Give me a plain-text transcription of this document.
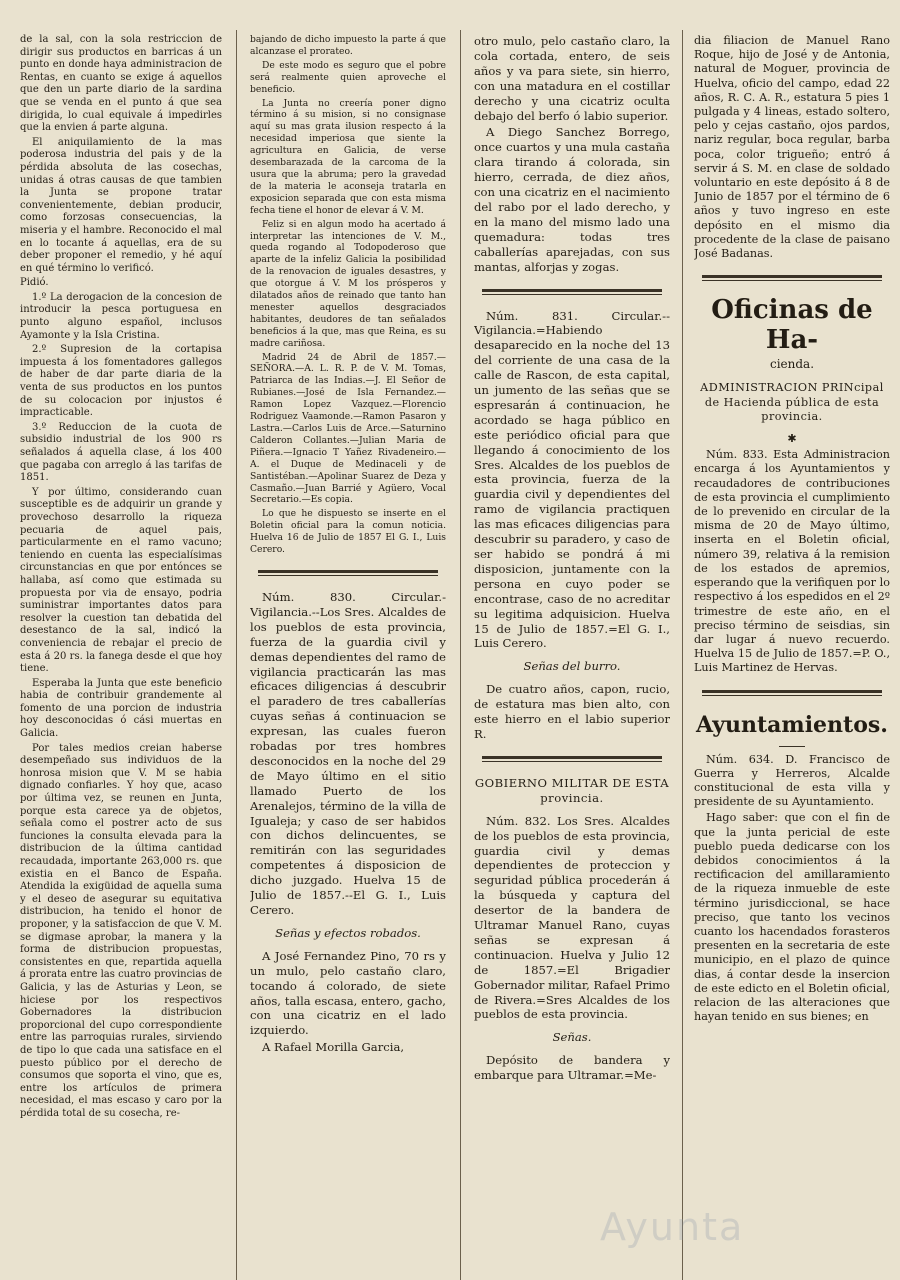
de la sal, con la sola restriccion de dirigir sus productos en barricas á un punto en donde haya administracion de Rentas, en cuanto se exige á aquellos que den un parte diario de la sardina que se venda en el punto á que sea dirigida, lo cual equivale á impedirles que la envien á parte alguna.

El aniquilamiento de la mas poderosa industria del pais y de la pérdida absoluta de las cosechas, unidas á otras causas de que tambien la Junta se propone tratar convenientemente, debian producir, como forzosas consecuencias, la miseria y el hambre. Reconocido el mal en lo tocante á aquellas, era de su deber proponer el remedio, y hé aquí en qué término lo verificó.

Pidió.

1.º La derogacion de la concesion de introducir la pesca portuguesa en punto alguno español, inclusos Ayamonte y la Isla Cristina.

2.º Supresion de la cortapisa impuesta á los fomentadores gallegos de haber de dar parte diaria de la venta de sus productos en los puntos de su colocacion por injustos é impracticable.

3.º Reduccion de la cuota de subsidio industrial de los 900 rs señalados á aquella clase, á los 400 que pagaba con arreglo á las tarifas de 1851.

Y por último, considerando cuan susceptible es de adquirir un grande y provechoso desarrollo la riqueza pecuaria de aquel pais, particularmente en el ramo vacuno; teniendo en cuenta las especialísimas circunstancias en que por entónces se hallaba, así como que estimada su propuesta por via de ensayo, podria suministrar importantes datos para resolver la cuestion tan debatida del desestanco de la sal, indicó la conveniencia de rebajar el precio de esta á 20 rs. la fanega desde el que hoy tiene.

Esperaba la Junta que este beneficio habia de contribuir grandemente al fomento de una porcion de industria hoy desconocidas ó cási muertas en Galicia.

Por tales medios creian haberse desempeñado sus individuos de la honrosa mision que V. M se habia dignado confiarles. Y hoy que, acaso por última vez, se reunen en Junta, porque esta carece ya de objetos, señala como el postrer acto de sus funciones la consulta elevada para la distribucion de la última cantidad recaudada, importante 263,000 rs. que existia en el Banco de España. Atendida la exigüidad de aquella suma y el deseo de asegurar su equitativa distribucion, ha tenido el honor de proponer, y la satisfaccion de que V. M. se digmase aprobar, la manera y la forma de distribucion propuestas, consistentes en que, repartida aquella á prorata entre las cuatro provincias de Galicia, y las de Asturias y Leon, se hiciese por los respectivos Gobernadores la distribucion proporcional del cupo correspondiente entre las parroquias rurales, sirviendo de tipo lo que cada una satisface en el puesto público por el derecho de consumos que soporta el vino, que es, entre los artículos de primera necesidad, el mas escaso y caro por la pérdida total de su cosecha, re-

bajando de dicho impuesto la parte á que alcanzase el prorateo.

De este modo es seguro que el pobre será realmente quien aproveche el beneficio.

La Junta no creería poner digno término á su mision, si no consignase aquí su mas grata ilusion respecto á la necesidad imperiosa que siente la agricultura en Galicia, de verse desembarazada de la carcoma de la usura que la abruma; pero la gravedad de la materia le aconseja tratarla en exposicion separada que con esta misma fecha tiene el honor de elevar á V. M.

Feliz si en algun modo ha acertado á interpretar las intenciones de V. M., queda rogando al Todopoderoso que aparte de la infeliz Galicia la posibilidad de la renovacion de iguales desastres, y que otorgue á V. M los prósperos y dilatados años de reinado que tanto han menester aquellos desgraciados habitantes, deudores de tan señalados beneficios á la que, mas que Reina, es su madre cariñosa.

Madrid 24 de Abril de 1857.—SEÑORA.—A. L. R. P. de V. M. Tomas, Patriarca de las Indias.—J. El Señor de Rubianes.—José de Isla Fernandez.—Ramon Lopez Vazquez.—Florencio Rodriguez Vaamonde.—Ramon Pasaron y Lastra.—Carlos Luis de Arce.—Saturnino Calderon Collantes.—Julian Maria de Piñera.—Ignacio T Yañez Rivadeneiro.—A. el Duque de Medinaceli y de Santistéban.—Apolinar Suarez de Deza y Casmaño.—Juan Barrié y Agüero, Vocal Secretario.—Es copia.

Lo que he dispuesto se inserte en el Boletin oficial para la comun noticia. Huelva 16 de Julio de 1857 El G. I., Luis Cerero.

Núm. 830. Circular.-Vigilancia.--Los Sres. Alcaldes de los pueblos de esta provincia, fuerza de la guardia civil y demas dependientes del ramo de vigilancia practicarán las mas eficaces diligencias á descubrir el paradero de tres caballerías cuyas señas á continuacion se expresan, las cuales fueron robadas por tres hombres desconocidos en la noche del 29 de Mayo último en el sitio llamado Puerto de los Arenalejos, término de la villa de Igualeja; y caso de ser habidos con dichos delincuentes, se remitirán con las seguridades competentes á disposicion de dicho juzgado. Huelva 15 de Julio de 1857.--El G. I., Luis Cerero.

Señas y efectos robados.

A José Fernandez Pino, 70 rs y un mulo, pelo castaño claro, tocando á colorado, de siete años, talla escasa, entero, gacho, con una cicatriz en el lado izquierdo.

A Rafael Morilla Garcia,

otro mulo, pelo castaño claro, la cola cortada, entero, de seis años y va para siete, sin hierro, con una matadura en el costillar derecho y una cicatriz oculta debajo del berfo ó labio superior.

A Diego Sanchez Borrego, once cuartos y una mula castaña clara tirando á colorada, sin hierro, cerrada, de diez años, con una cicatriz en el nacimiento del rabo por el lado derecho, y en la mano del mismo lado una quemadura: todas tres caballerías aparejadas, con sus mantas, alforjas y zogas.

Núm. 831. Circular.--Vigilancia.=Habiendo desaparecido en la noche del 13 del corriente de una casa de la calle de Rascon, de esta capital, un jumento de las señas que se espresarán á continuacion, he acordado se haga público en este periódico oficial para que llegando á conocimiento de los Sres. Alcaldes de los pueblos de esta provincia, fuerza de la guardia civil y dependientes del ramo de vigilancia practiquen las mas eficaces diligencias para descubrir su paradero, y caso de ser habido se pondrá á mi disposicion, juntamente con la persona en cuyo poder se encontrase, caso de no acreditar su legitima adquisicion. Huelva 15 de Julio de 1857.=El G. I., Luis Cerero.

Señas del burro.

De cuatro años, capon, rucio, de estatura mas bien alto, con este hierro en el labio superior R.

GOBIERNO MILITAR DE ESTA provincia.

Núm. 832. Los Sres. Alcaldes de los pueblos de esta provincia, guardia civil y demas dependientes de proteccion y seguridad pública procederán á la búsqueda y captura del desertor de la bandera de Ultramar Manuel Rano, cuyas señas se expresan á continuacion. Huelva y Julio 12 de 1857.=El Brigadier Gobernador militar, Rafael Primo de Rivera.=Sres Alcaldes de los pueblos de esta provincia.

Señas.

Depósito de bandera y embarque para Ultramar.=Me-

dia filiacion de Manuel Rano Roque, hijo de José y de Antonia, natural de Moguer, provincia de Huelva, oficio del campo, edad 22 años, R. C. A. R., estatura 5 pies 1 pulgada y 4 lineas, estado soltero, pelo y cejas castaño, ojos pardos, nariz regular, boca regular, barba poca, color trigueño; entró á servir á S. M. en clase de soldado voluntario en este depósito á 8 de Junio de 1857 por el término de 6 años y tuvo ingreso en este depósito en el mismo dia procedente de la clase de paisano José Badanas.

Oficinas de Ha-
cienda.

ADMINISTRACION PRINcipal de Hacienda pública de esta provincia.

✱

Núm. 833. Esta Administracion encarga á los Ayuntamientos y recaudadores de contribuciones de esta provincia el cumplimiento de lo prevenido en circular de la misma de 20 de Mayo último, inserta en el Boletin oficial, número 39, relativa á la remision de los estados de apremios, esperando que la verifiquen por lo respectivo á los espedidos en el 2º trimestre de este año, en el preciso término de seisdias, sin dar lugar á nuevo recuerdo. Huelva 15 de Julio de 1857.=P. O., Luis Martinez de Hervas.

Ayuntamientos.

Núm. 634. D. Francisco de Guerra y Herreros, Alcalde constitucional de esta villa y presidente de su Ayuntamiento.

Hago saber: que con el fin de que la junta pericial de este pueblo pueda dedicarse con los debidos conocimientos á la rectificacion del amillaramiento de la riqueza inmueble de este término jurisdiccional, se hace preciso, que tanto los vecinos cuanto los hacendados forasteros presenten en la secretaria de este municipio, en el plazo de quince dias, á contar desde la insercion de este edicto en el Boletin oficial, relacion de las alteraciones que hayan tenido en sus bienes; en

Ayunta
